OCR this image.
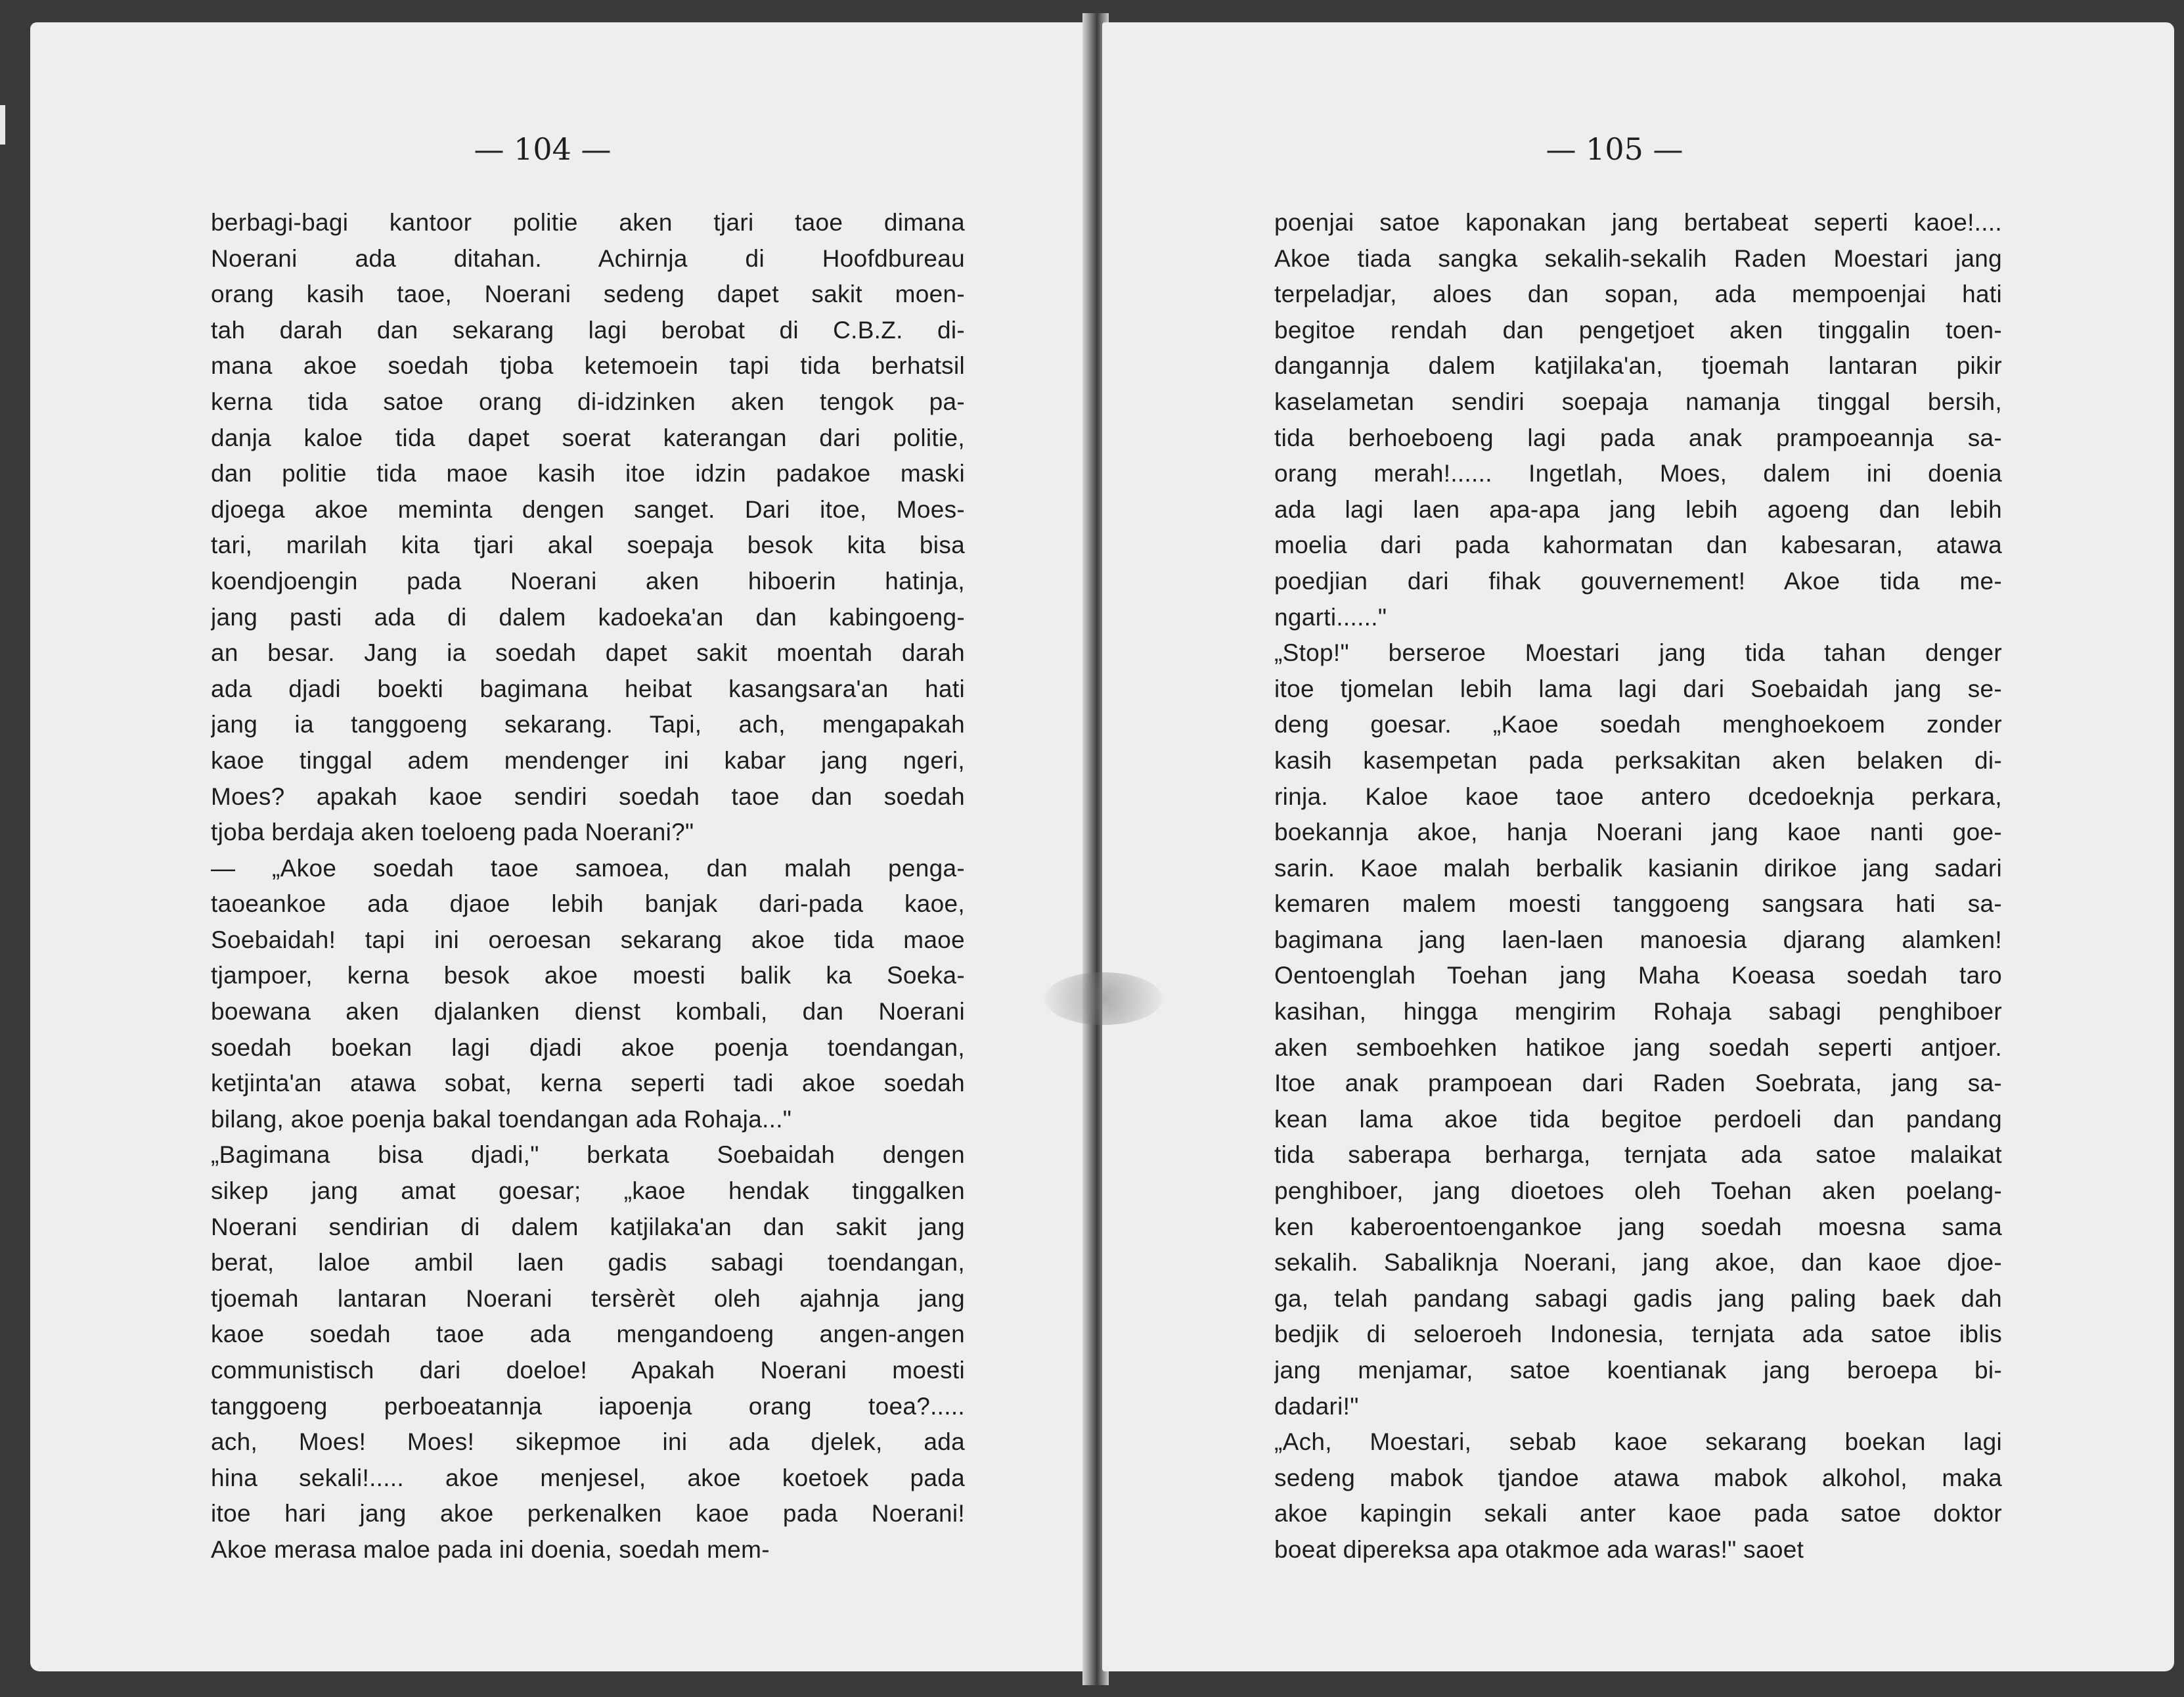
— 104 —
berbagi-bagi kantoor politie aken tjari taoe dimana
Noerani ada ditahan. Achirnja di Hoofdbureau
orang kasih taoe, Noerani sedeng dapet sakit moen-
tah darah dan sekarang lagi berobat di C.B.Z. di-
mana akoe soedah tjoba ketemoein tapi tida berhatsil
kerna tida satoe orang di-idzinken aken tengok pa-
danja kaloe tida dapet soerat katerangan dari politie,
dan politie tida maoe kasih itoe idzin padakoe maski
djoega akoe meminta dengen sanget. Dari itoe, Moes-
tari, marilah kita tjari akal soepaja besok kita bisa
koendjoengin pada Noerani aken hiboerin hatinja,
jang pasti ada di dalem kadoeka'an dan kabingoeng-
an besar. Jang ia soedah dapet sakit moentah darah
ada djadi boekti bagimana heibat kasangsara'an hati
jang ia tanggoeng sekarang. Tapi, ach, mengapakah
kaoe tinggal adem mendenger ini kabar jang ngeri,
Moes? apakah kaoe sendiri soedah taoe dan soedah
tjoba berdaja aken toeloeng pada Noerani?"
— „Akoe soedah taoe samoea, dan malah penga-
taoeankoe ada djaoe lebih banjak dari-pada kaoe,
Soebaidah! tapi ini oeroesan sekarang akoe tida maoe
tjampoer, kerna besok akoe moesti balik ka Soeka-
boewana aken djalanken dienst kombali, dan Noerani
soedah boekan lagi djadi akoe poenja toendangan,
ketjinta'an atawa sobat, kerna seperti tadi akoe soedah
bilang, akoe poenja bakal toendangan ada Rohaja..."
„Bagimana bisa djadi," berkata Soebaidah dengen
sikep jang amat goesar; „kaoe hendak tinggalken
Noerani sendirian di dalem katjilaka'an dan sakit jang
berat, laloe ambil laen gadis sabagi toendangan,
tjoemah lantaran Noerani tersèrèt oleh ajahnja jang
kaoe soedah taoe ada mengandoeng angen-angen
communistisch dari doeloe! Apakah Noerani moesti
tanggoeng perboeatannja iapoenja orang toea?.....
ach, Moes! Moes! sikepmoe ini ada djelek, ada
hina sekali!..... akoe menjesel, akoe koetoek pada
itoe hari jang akoe perkenalken kaoe pada Noerani!
Akoe merasa maloe pada ini doenia, soedah mem-
— 105 —
poenjai satoe kaponakan jang bertabeat seperti kaoe!....
Akoe tiada sangka sekalih-sekalih Raden Moestari jang
terpeladjar, aloes dan sopan, ada mempoenjai hati
begitoe rendah dan pengetjoet aken tinggalin toen-
dangannja dalem katjilaka'an, tjoemah lantaran pikir
kaselametan sendiri soepaja namanja tinggal bersih,
tida berhoeboeng lagi pada anak prampoeannja sa-
orang merah!...... Ingetlah, Moes, dalem ini doenia
ada lagi laen apa-apa jang lebih agoeng dan lebih
moelia dari pada kahormatan dan kabesaran, atawa
poedjian dari fihak gouvernement! Akoe tida me-
ngarti......"
„Stop!" berseroe Moestari jang tida tahan denger
itoe tjomelan lebih lama lagi dari Soebaidah jang se-
deng goesar. „Kaoe soedah menghoekoem zonder
kasih kasempetan pada perksakitan aken belaken di-
rinja. Kaloe kaoe taoe antero dcedoeknja perkara,
boekannja akoe, hanja Noerani jang kaoe nanti goe-
sarin. Kaoe malah berbalik kasianin dirikoe jang sadari
kemaren malem moesti tanggoeng sangsara hati sa-
bagimana jang laen-laen manoesia djarang alamken!
Oentoenglah Toehan jang Maha Koeasa soedah taro
kasihan, hingga mengirim Rohaja sabagi penghiboer
aken semboehken hatikoe jang soedah seperti antjoer.
Itoe anak prampoean dari Raden Soebrata, jang sa-
kean lama akoe tida begitoe perdoeli dan pandang
tida saberapa berharga, ternjata ada satoe malaikat
penghiboer, jang dioetoes oleh Toehan aken poelang-
ken kaberoentoengankoe jang soedah moesna sama
sekalih. Sabaliknja Noerani, jang akoe, dan kaoe djoe-
ga, telah pandang sabagi gadis jang paling baek dah
bedjik di seloeroeh Indonesia, ternjata ada satoe iblis
jang menjamar, satoe koentianak jang beroepa bi-
dadari!"
„Ach, Moestari, sebab kaoe sekarang boekan lagi
sedeng mabok tjandoe atawa mabok alkohol, maka
akoe kapingin sekali anter kaoe pada satoe doktor
boeat dipereksa apa otakmoe ada waras!" saoet
